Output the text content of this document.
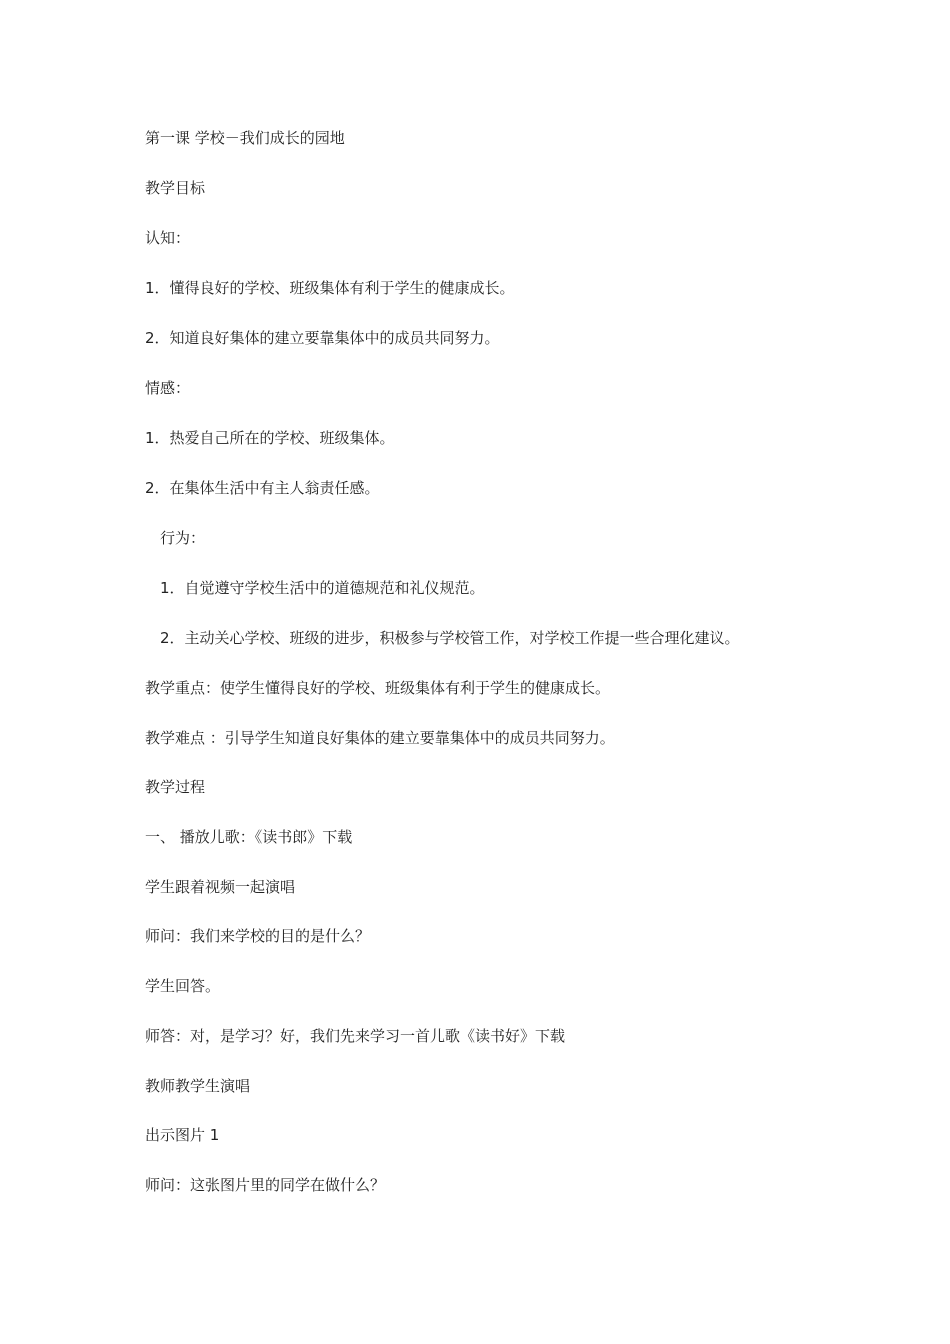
第一课 学校－我们成长的园地
教学目标
认知：
1．懂得良好的学校、班级集体有利于学生的健康成长。
2．知道良好集体的建立要靠集体中的成员共同努力。
情感：
1．热爱自己所在的学校、班级集体。
2．在集体生活中有主人翁责任感。
行为：
1．自觉遵守学校生活中的道德规范和礼仪规范。
2．主动关心学校、班级的进步，积极参与学校管工作，对学校工作提一些合理化建议。
教学重点：使学生懂得良好的学校、班级集体有利于学生的健康成长。
教学难点 ：引导学生知道良好集体的建立要靠集体中的成员共同努力。
教学过程
一、 播放儿歌：《读书郎》下载
学生跟着视频一起演唱
师问：我们来学校的目的是什么？
学生回答。
师答：对，是学习？好，我们先来学习一首儿歌《读书好》下载
教师教学生演唱
出示图片 1
师问：这张图片里的同学在做什么？
